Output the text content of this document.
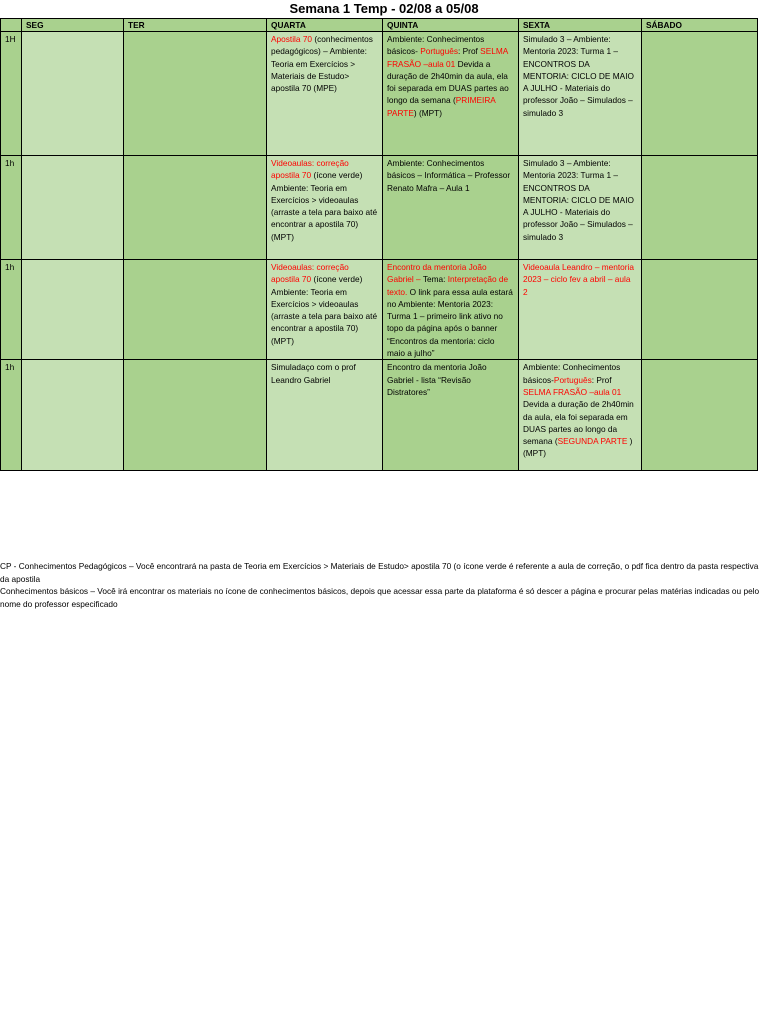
Semana 1 Temp - 02/08 a 05/08
	SEG	TER	QUARTA	QUINTA	SEXTA	SÁBADO
1H			Apostila 70 (conhecimentos pedagógicos) – Ambiente: Teoria em Exercícios > Materiais de Estudo> apostila 70 (MPE)	Ambiente: Conhecimentos básicos- Português: Prof SELMA FRASÃO –aula 01 Devida a duração de 2h40min da aula, ela foi separada em DUAS partes ao longo da semana (PRIMEIRA PARTE) (MPT)	Simulado 3 – Ambiente: Mentoria 2023: Turma 1 – ENCONTROS DA MENTORIA: CICLO DE MAIO A JULHO - Materiais do professor João – Simulados – simulado 3	
1h			Videoaulas: correção apostila 70 (ícone verde) Ambiente: Teoria em Exercícios > videoaulas (arraste a tela para baixo até encontrar a apostila 70) (MPT)	Ambiente: Conhecimentos básicos – Informática – Professor Renato Mafra – Aula 1	Simulado 3 – Ambiente: Mentoria 2023: Turma 1 – ENCONTROS DA MENTORIA: CICLO DE MAIO A JULHO - Materiais do professor João – Simulados – simulado 3	
1h			Videoaulas: correção apostila 70 (ícone verde) Ambiente: Teoria em Exercícios > videoaulas (arraste a tela para baixo até encontrar a apostila 70) (MPT)	Encontro da mentoria João Gabriel – Tema: Interpretação de texto. O link para essa aula estará no Ambiente: Mentoria 2023: Turma 1 – primeiro link ativo no topo da página após o banner “Encontros da mentoria: ciclo maio a julho”	Videoaula Leandro – mentoria 2023 – ciclo fev a abril – aula 2	
1h			Simuladaço com o prof Leandro Gabriel	Encontro da mentoria João Gabriel - lista “Revisão Distratores”	Ambiente: Conhecimentos básicos-Português: Prof SELMA FRASÃO –aula 01 Devida a duração de 2h40min da aula, ela foi separada em DUAS partes ao longo da semana (SEGUNDA PARTE ) (MPT)	

CP - Conhecimentos Pedagógicos – Você encontrará na pasta de Teoria em Exercícios > Materiais de Estudo> apostila 70 (o ícone verde é referente a aula de correção, o pdf fica dentro da pasta respectiva da apostila

Conhecimentos básicos – Você irá encontrar os materiais no ícone de conhecimentos básicos, depois que acessar essa parte da plataforma é só descer a página e procurar pelas matérias indicadas ou pelo nome do professor especificado
